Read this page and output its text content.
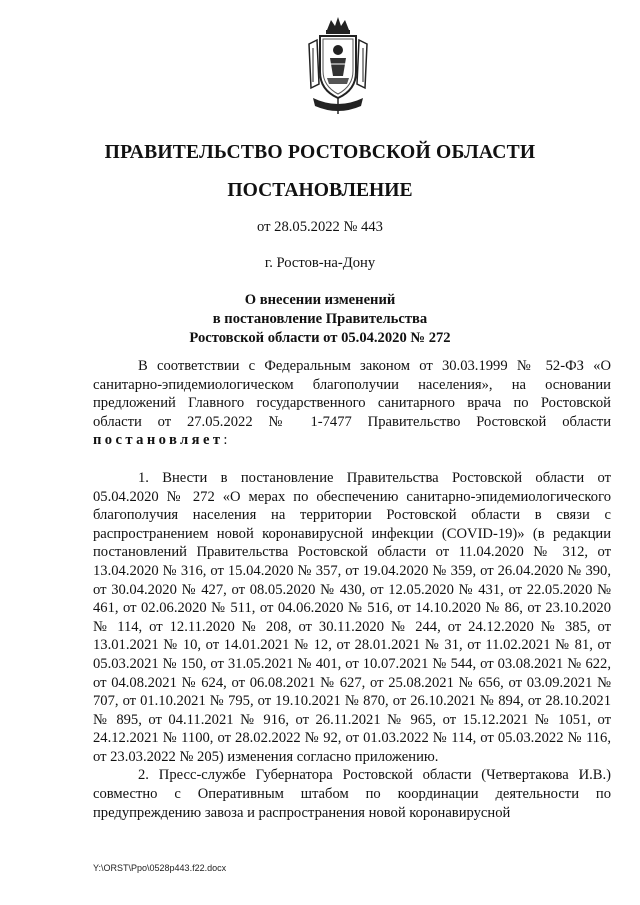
ПРАВИТЕЛЬСТВО РОСТОВСКОЙ ОБЛАСТИ
ПОСТАНОВЛЕНИЕ
от 28.05.2022 № 443
г. Ростов-на-Дону
О внесении изменений
в постановление Правительства
Ростовской области от 05.04.2020 № 272

В соответствии с Федеральным законом от 30.03.1999 № 52-ФЗ «О санитарно-эпидемиологическом благополучии населения», на основании предложений Главного государственного санитарного врача по Ростовской области от 27.05.2022 № 1-7477 Правительство Ростовской области постановляет:

1. Внести в постановление Правительства Ростовской области от 05.04.2020 № 272 «О мерах по обеспечению санитарно-эпидемиологического благополучия населения на территории Ростовской области в связи с распространением новой коронавирусной инфекции (COVID-19)» (в редакции постановлений Правительства Ростовской области от 11.04.2020 № 312, от 13.04.2020 № 316, от 15.04.2020 № 357, от 19.04.2020 № 359, от 26.04.2020 № 390, от 30.04.2020 № 427, от 08.05.2020 № 430, от 12.05.2020 № 431, от 22.05.2020 № 461, от 02.06.2020 № 511, от 04.06.2020 № 516, от 14.10.2020 № 86, от 23.10.2020 № 114, от 12.11.2020 № 208, от 30.11.2020 № 244, от 24.12.2020 № 385, от 13.01.2021 № 10, от 14.01.2021 № 12, от 28.01.2021 № 31, от 11.02.2021 № 81, от 05.03.2021 № 150, от 31.05.2021 № 401, от 10.07.2021 № 544, от 03.08.2021 № 622, от 04.08.2021 № 624, от 06.08.2021 № 627, от 25.08.2021 № 656, от 03.09.2021 № 707, от 01.10.2021 № 795, от 19.10.2021 № 870, от 26.10.2021 № 894, от 28.10.2021 № 895, от 04.11.2021 № 916, от 26.11.2021 № 965, от 15.12.2021 № 1051, от 24.12.2021 № 1100, от 28.02.2022 № 92, от 01.03.2022 № 114, от 05.03.2022 № 116, от 23.03.2022 № 205) изменения согласно приложению.

2. Пресс-службе Губернатора Ростовской области (Четвертакова И.В.) совместно с Оперативным штабом по координации деятельности по предупреждению завоза и распространения новой коронавирусной

Y:\ORST\Ppo\0528p443.f22.docx
